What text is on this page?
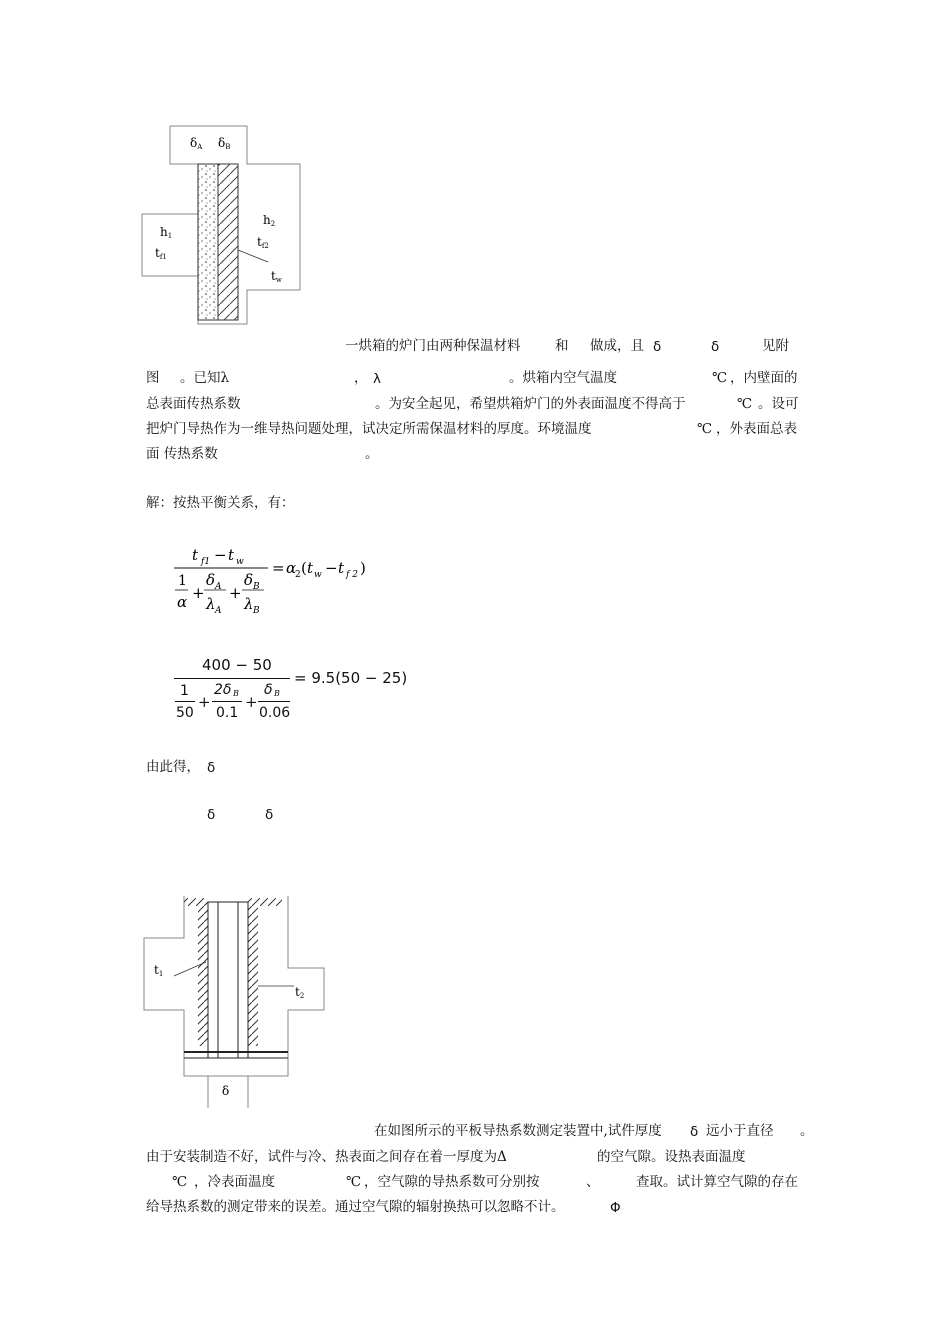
δA δB
h1
tf1
h2
tf2
tw
一烘箱的炉门由两种保温材料	和 做成，且 δ	δ	见附
图 。已知λ	， λ	。烘箱内空气温度	℃ ，内壁面的
总表面传热系数	。为安全起见，希望烘箱炉门的外表面温度不得高于	℃ 。设可
把炉门导热作为一维导热问题处理，试决定所需保温材料的厚度。环境温度	℃ ，外表面总表
面 传热系数	。
解：按热平衡关系，有：
t f1 − t w
1
α +
δ A
λ A
+
δ B
λ B
= α
2 ( t w − t f 2 )
400 − 50
1
50
+
2δ B
0.1
+
δ B
0.06
= 9.5(50 − 25)
由此得， δ
δ	δ
t1
t2
δ
在如图所示的平板导热系数测定装置中,试件厚度 δ 远小于直径 。
由于安装制造不好，试件与冷、热表面之间存在着一厚度为Δ	的空气隙。设热表面温度
℃ ，冷表面温度	℃ ，空气隙的导热系数可分别按	、	查取。试计算空气隙的存在
给导热系数的测定带来的误差。通过空气隙的辐射换热可以忽略不计。	Φ
